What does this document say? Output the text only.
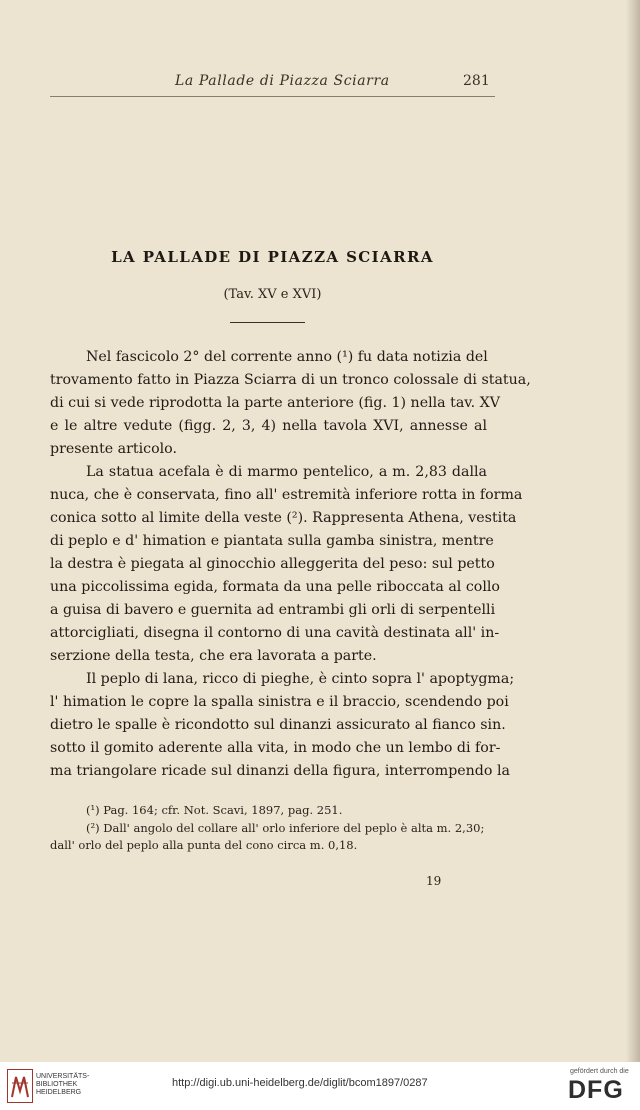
La Pallade di Piazza Sciarra	281
LA PALLADE DI PIAZZA SCIARRA
(Tav. XV e XVI)
Nel fascicolo 2° del corrente anno (¹) fu data notizia del
trovamento fatto in Piazza Sciarra di un tronco colossale di statua,
di cui si vede riprodotta la parte anteriore (fig. 1) nella tav. XV
e le altre vedute (figg. 2, 3, 4) nella tavola XVI, annesse al
presente articolo.
La statua acefala è di marmo pentelico, a m. 2,83 dalla
nuca, che è conservata, fino all' estremità inferiore rotta in forma
conica sotto al limite della veste (²). Rappresenta Athena, vestita
di peplo e d' himation e piantata sulla gamba sinistra, mentre
la destra è piegata al ginocchio alleggerita del peso: sul petto
una piccolissima egida, formata da una pelle riboccata al collo
a guisa di bavero e guernita ad entrambi gli orli di serpentelli
attorcigliati, disegna il contorno di una cavità destinata all' in-
serzione della testa, che era lavorata a parte.
Il peplo di lana, ricco di pieghe, è cinto sopra l' apoptygma;
l' himation le copre la spalla sinistra e il braccio, scendendo poi
dietro le spalle è ricondotto sul dinanzi assicurato al fianco sin.
sotto il gomito aderente alla vita, in modo che un lembo di for-
ma triangolare ricade sul dinanzi della figura, interrompendo la
(¹) Pag. 164; cfr. Not. Scavi, 1897, pag. 251.
(²) Dall' angolo del collare all' orlo inferiore del peplo è alta m. 2,30;
dall' orlo del peplo alla punta del cono circa m. 0,18.
19
UNIVERSITÄTS-
BIBLIOTHEK
HEIDELBERG
http://digi.ub.uni-heidelberg.de/diglit/bcom1897/0287
gefördert durch die
DFG
